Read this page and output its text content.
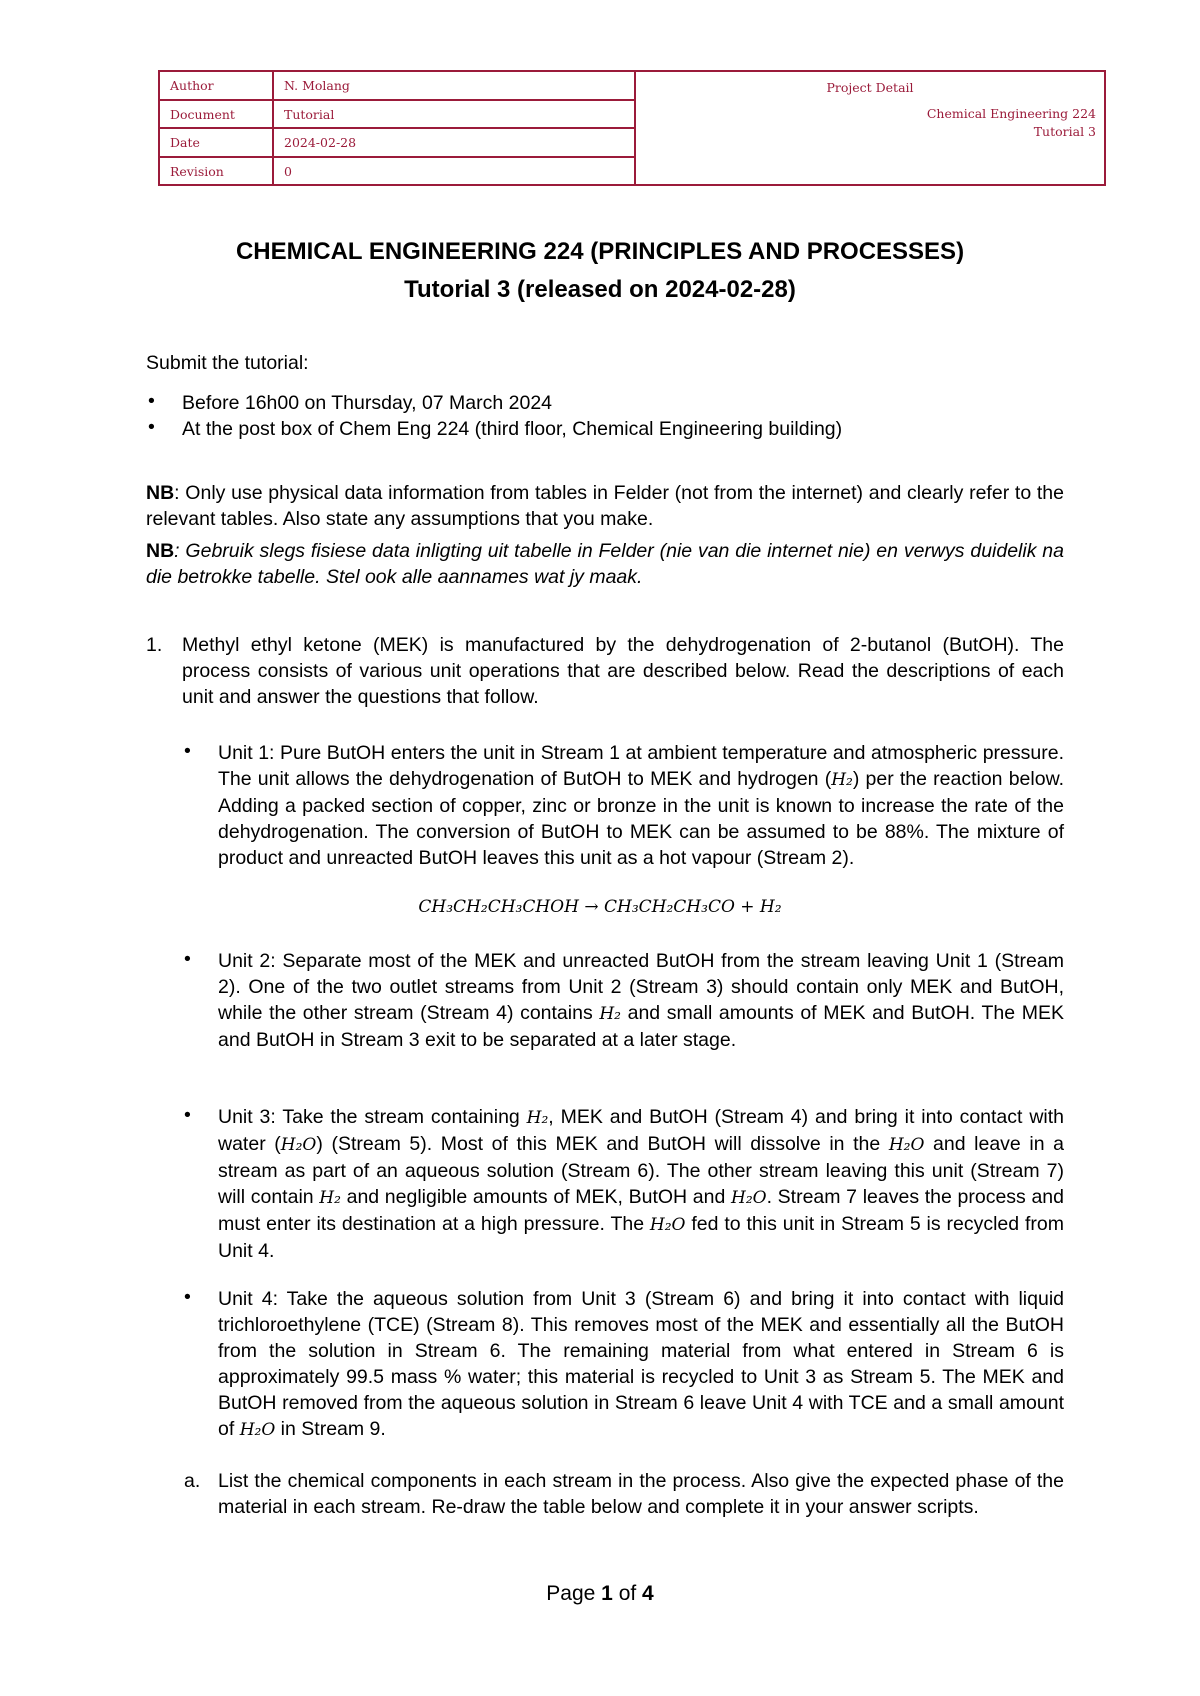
Author	N. Molang
Document	Tutorial
Date	2024-02-28
Revision	0
Project Detail
Chemical Engineering 224
Tutorial 3
CHEMICAL ENGINEERING 224 (PRINCIPLES AND PROCESSES)
Tutorial 3 (released on 2024-02-28)
Submit the tutorial:
• Before 16h00 on Thursday, 07 March 2024
• At the post box of Chem Eng 224 (third floor, Chemical Engineering building)
NB: Only use physical data information from tables in Felder (not from the internet) and clearly refer to the relevant tables. Also state any assumptions that you make.
NB: Gebruik slegs fisiese data inligting uit tabelle in Felder (nie van die internet nie) en verwys duidelik na die betrokke tabelle. Stel ook alle aannames wat jy maak.
1. Methyl ethyl ketone (MEK) is manufactured by the dehydrogenation of 2-butanol (ButOH). The process consists of various unit operations that are described below. Read the descriptions of each unit and answer the questions that follow.
• Unit 1: Pure ButOH enters the unit in Stream 1 at ambient temperature and atmospheric pressure. The unit allows the dehydrogenation of ButOH to MEK and hydrogen (H₂) per the reaction below. Adding a packed section of copper, zinc or bronze in the unit is known to increase the rate of the dehydrogenation. The conversion of ButOH to MEK can be assumed to be 88%. The mixture of product and unreacted ButOH leaves this unit as a hot vapour (Stream 2).
CH₃CH₂CH₃CHOH → CH₃CH₂CH₃CO + H₂
• Unit 2: Separate most of the MEK and unreacted ButOH from the stream leaving Unit 1 (Stream 2). One of the two outlet streams from Unit 2 (Stream 3) should contain only MEK and ButOH, while the other stream (Stream 4) contains H₂ and small amounts of MEK and ButOH. The MEK and ButOH in Stream 3 exit to be separated at a later stage.
• Unit 3: Take the stream containing H₂, MEK and ButOH (Stream 4) and bring it into contact with water (H₂O) (Stream 5). Most of this MEK and ButOH will dissolve in the H₂O and leave in a stream as part of an aqueous solution (Stream 6). The other stream leaving this unit (Stream 7) will contain H₂ and negligible amounts of MEK, ButOH and H₂O. Stream 7 leaves the process and must enter its destination at a high pressure. The H₂O fed to this unit in Stream 5 is recycled from Unit 4.
• Unit 4: Take the aqueous solution from Unit 3 (Stream 6) and bring it into contact with liquid trichloroethylene (TCE) (Stream 8). This removes most of the MEK and essentially all the ButOH from the solution in Stream 6. The remaining material from what entered in Stream 6 is approximately 99.5 mass % water; this material is recycled to Unit 3 as Stream 5. The MEK and ButOH removed from the aqueous solution in Stream 6 leave Unit 4 with TCE and a small amount of H₂O in Stream 9.
a. List the chemical components in each stream in the process. Also give the expected phase of the material in each stream. Re-draw the table below and complete it in your answer scripts.
Page 1 of 4
